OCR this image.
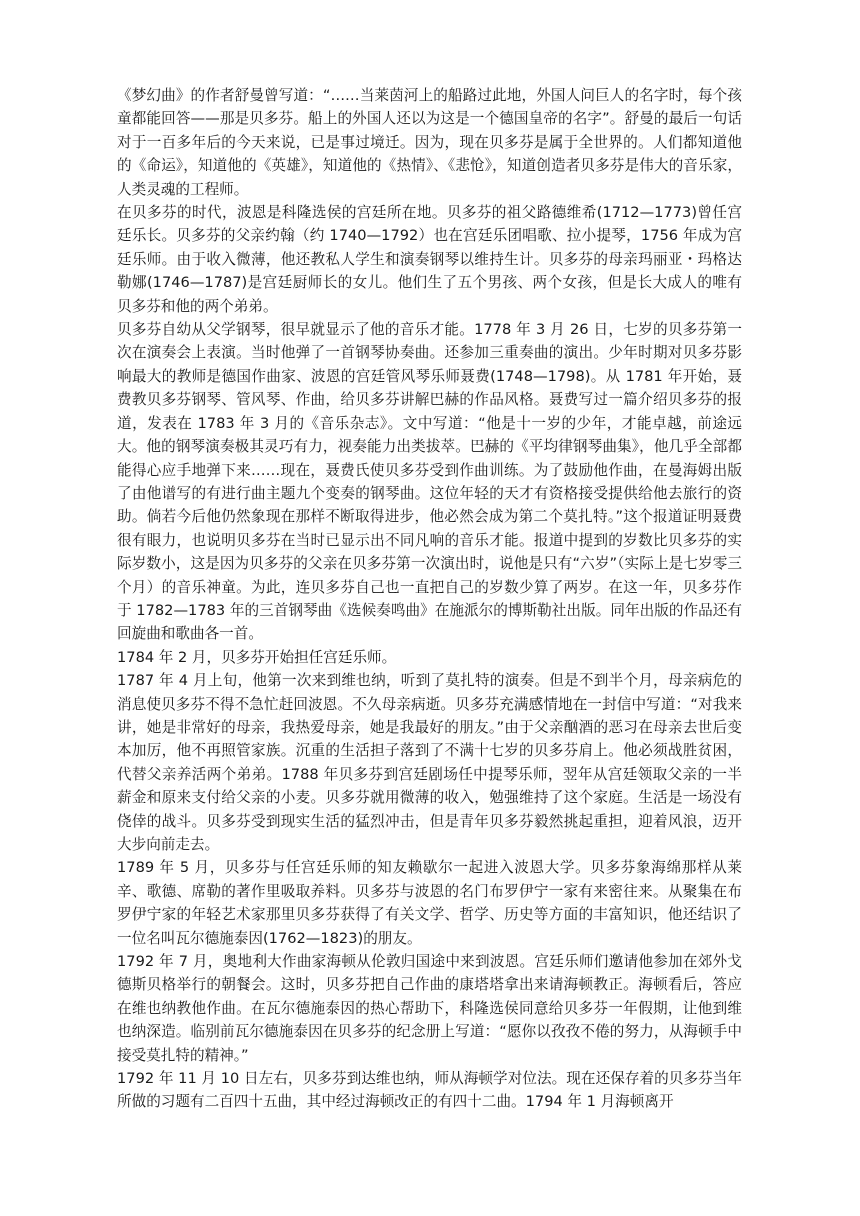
《梦幻曲》的作者舒曼曾写道：“……当莱茵河上的船路过此地，外国人问巨人的名字时，每个孩童都能回答——那是贝多芬。船上的外国人还以为这是一个德国皇帝的名字”。舒曼的最后一句话对于一百多年后的今天来说，已是事过境迁。因为，现在贝多芬是属于全世界的。人们都知道他的《命运》，知道他的《英雄》，知道他的《热情》、《悲怆》，知道创造者贝多芬是伟大的音乐家，人类灵魂的工程师。

在贝多芬的时代，波恩是科隆选侯的宫廷所在地。贝多芬的祖父路德维希(1712—1773)曾任宫廷乐长。贝多芬的父亲约翰（约 1740—1792）也在宫廷乐团唱歌、拉小提琴，1756 年成为宫廷乐师。由于收入微薄，他还教私人学生和演奏钢琴以维持生计。贝多芬的母亲玛丽亚・玛格达勒娜(1746—1787)是宫廷厨师长的女儿。他们生了五个男孩、两个女孩，但是长大成人的唯有贝多芬和他的两个弟弟。

贝多芬自幼从父学钢琴，很早就显示了他的音乐才能。1778 年 3 月 26 日，七岁的贝多芬第一次在演奏会上表演。当时他弹了一首钢琴协奏曲。还参加三重奏曲的演出。少年时期对贝多芬影响最大的教师是德国作曲家、波恩的宫廷管风琴乐师聂费(1748—1798)。从 1781 年开始，聂费教贝多芬钢琴、管风琴、作曲，给贝多芬讲解巴赫的作品风格。聂费写过一篇介绍贝多芬的报道，发表在 1783 年 3 月的《音乐杂志》。文中写道：“他是十一岁的少年，才能卓越，前途远大。他的钢琴演奏极其灵巧有力，视奏能力出类拔萃。巴赫的《平均律钢琴曲集》，他几乎全部都能得心应手地弹下来……现在，聂费氏使贝多芬受到作曲训练。为了鼓励他作曲，在曼海姆出版了由他谱写的有进行曲主题九个变奏的钢琴曲。这位年轻的天才有资格接受提供给他去旅行的资助。倘若今后他仍然象现在那样不断取得进步，他必然会成为第二个莫扎特。”这个报道证明聂费很有眼力，也说明贝多芬在当时已显示出不同凡响的音乐才能。报道中提到的岁数比贝多芬的实际岁数小，这是因为贝多芬的父亲在贝多芬第一次演出时，说他是只有“六岁”（实际上是七岁零三个月）的音乐神童。为此，连贝多芬自己也一直把自己的岁数少算了两岁。在这一年，贝多芬作于 1782—1783 年的三首钢琴曲《选候奏鸣曲》在施派尔的博斯勒社出版。同年出版的作品还有回旋曲和歌曲各一首。

1784 年 2 月，贝多芬开始担任宫廷乐师。

1787 年 4 月上旬，他第一次来到维也纳，听到了莫扎特的演奏。但是不到半个月，母亲病危的消息使贝多芬不得不急忙赶回波恩。不久母亲病逝。贝多芬充满感情地在一封信中写道：“对我来讲，她是非常好的母亲，我热爱母亲，她是我最好的朋友。”由于父亲酗酒的恶习在母亲去世后变本加厉，他不再照管家族。沉重的生活担子落到了不满十七岁的贝多芬肩上。他必须战胜贫困，代替父亲养活两个弟弟。1788 年贝多芬到宫廷剧场任中提琴乐师，翌年从宫廷领取父亲的一半薪金和原来支付给父亲的小麦。贝多芬就用微薄的收入，勉强维持了这个家庭。生活是一场没有侥倖的战斗。贝多芬受到现实生活的猛烈冲击，但是青年贝多芬毅然挑起重担，迎着风浪，迈开大步向前走去。

1789 年 5 月，贝多芬与任宫廷乐师的知友赖歇尔一起进入波恩大学。贝多芬象海绵那样从莱辛、歌德、席勒的著作里吸取养料。贝多芬与波恩的名门布罗伊宁一家有来密往来。从聚集在布罗伊宁家的年轻艺术家那里贝多芬获得了有关文学、哲学、历史等方面的丰富知识，他还结识了一位名叫瓦尔德施泰因(1762—1823)的朋友。

1792 年 7 月，奥地利大作曲家海顿从伦敦归国途中来到波恩。宫廷乐师们邀请他参加在郊外戈德斯贝格举行的朝餐会。这时，贝多芬把自己作曲的康塔塔拿出来请海顿教正。海顿看后，答应在维也纳教他作曲。在瓦尔德施泰因的热心帮助下，科隆选侯同意给贝多芬一年假期，让他到维也纳深造。临别前瓦尔德施泰因在贝多芬的纪念册上写道：“愿你以孜孜不倦的努力，从海顿手中接受莫扎特的精神。”

1792 年 11 月 10 日左右，贝多芬到达维也纳，师从海顿学对位法。现在还保存着的贝多芬当年所做的习题有二百四十五曲，其中经过海顿改正的有四十二曲。1794 年 1 月海顿离开
